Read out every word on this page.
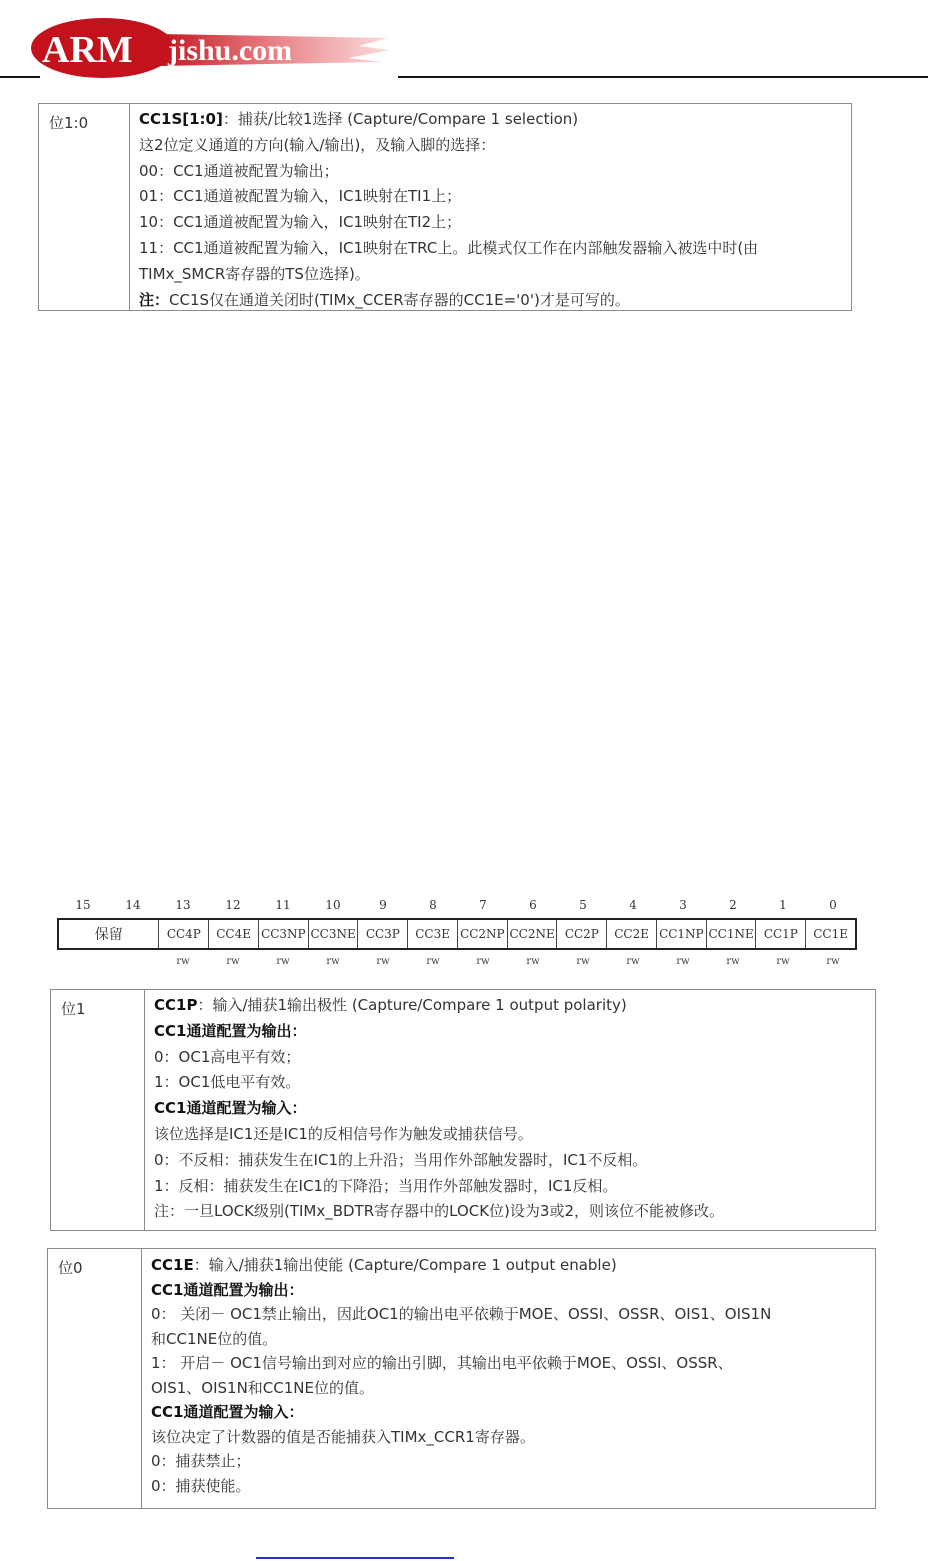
ARM jishu.com
位1:0	CC1S[1:0]：捕获/比较1选择 (Capture/Compare 1 selection)
这2位定义通道的方向(输入/输出)，及输入脚的选择：
00：CC1通道被配置为输出；
01：CC1通道被配置为输入，IC1映射在TI1上；
10：CC1通道被配置为输入，IC1映射在TI2上；
11：CC1通道被配置为输入，IC1映射在TRC上。此模式仅工作在内部触发器输入被选中时(由
TIMx_SMCR寄存器的TS位选择)。
注：CC1S仅在通道关闭时(TIMx_CCER寄存器的CC1E='0')才是可写的。
15	14	13	12	11	10	9	8	7	6	5	4	3	2	1	0
保留	CC4P	CC4E CC3NP CC3NE CC3P	CC3E CC2NP CC2NE CC2P	CC2E CC1NP CC1NE CC1P	CC1E
rw	rw	rw	rw	rw	rw	rw	rw	rw	rw	rw	rw	rw	rw
位1	CC1P：输入/捕获1输出极性 (Capture/Compare 1 output polarity)
CC1通道配置为输出：
0：OC1高电平有效；
1：OC1低电平有效。
CC1通道配置为输入：
该位选择是IC1还是IC1的反相信号作为触发或捕获信号。
0：不反相：捕获发生在IC1的上升沿；当用作外部触发器时，IC1不反相。
1：反相：捕获发生在IC1的下降沿；当用作外部触发器时，IC1反相。
注：一旦LOCK级别(TIMx_BDTR寄存器中的LOCK位)设为3或2，则该位不能被修改。
位0	CC1E：输入/捕获1输出使能 (Capture/Compare 1 output enable)
CC1通道配置为输出：
0： 关闭－ OC1禁止输出，因此OC1的输出电平依赖于MOE、OSSI、OSSR、OIS1、OIS1N
和CC1NE位的值。
1： 开启－ OC1信号输出到对应的输出引脚，其输出电平依赖于MOE、OSSI、OSSR、
OIS1、OIS1N和CC1NE位的值。
CC1通道配置为输入：
该位决定了计数器的值是否能捕获入TIMx_CCR1寄存器。
0：捕获禁止；
0：捕获使能。
